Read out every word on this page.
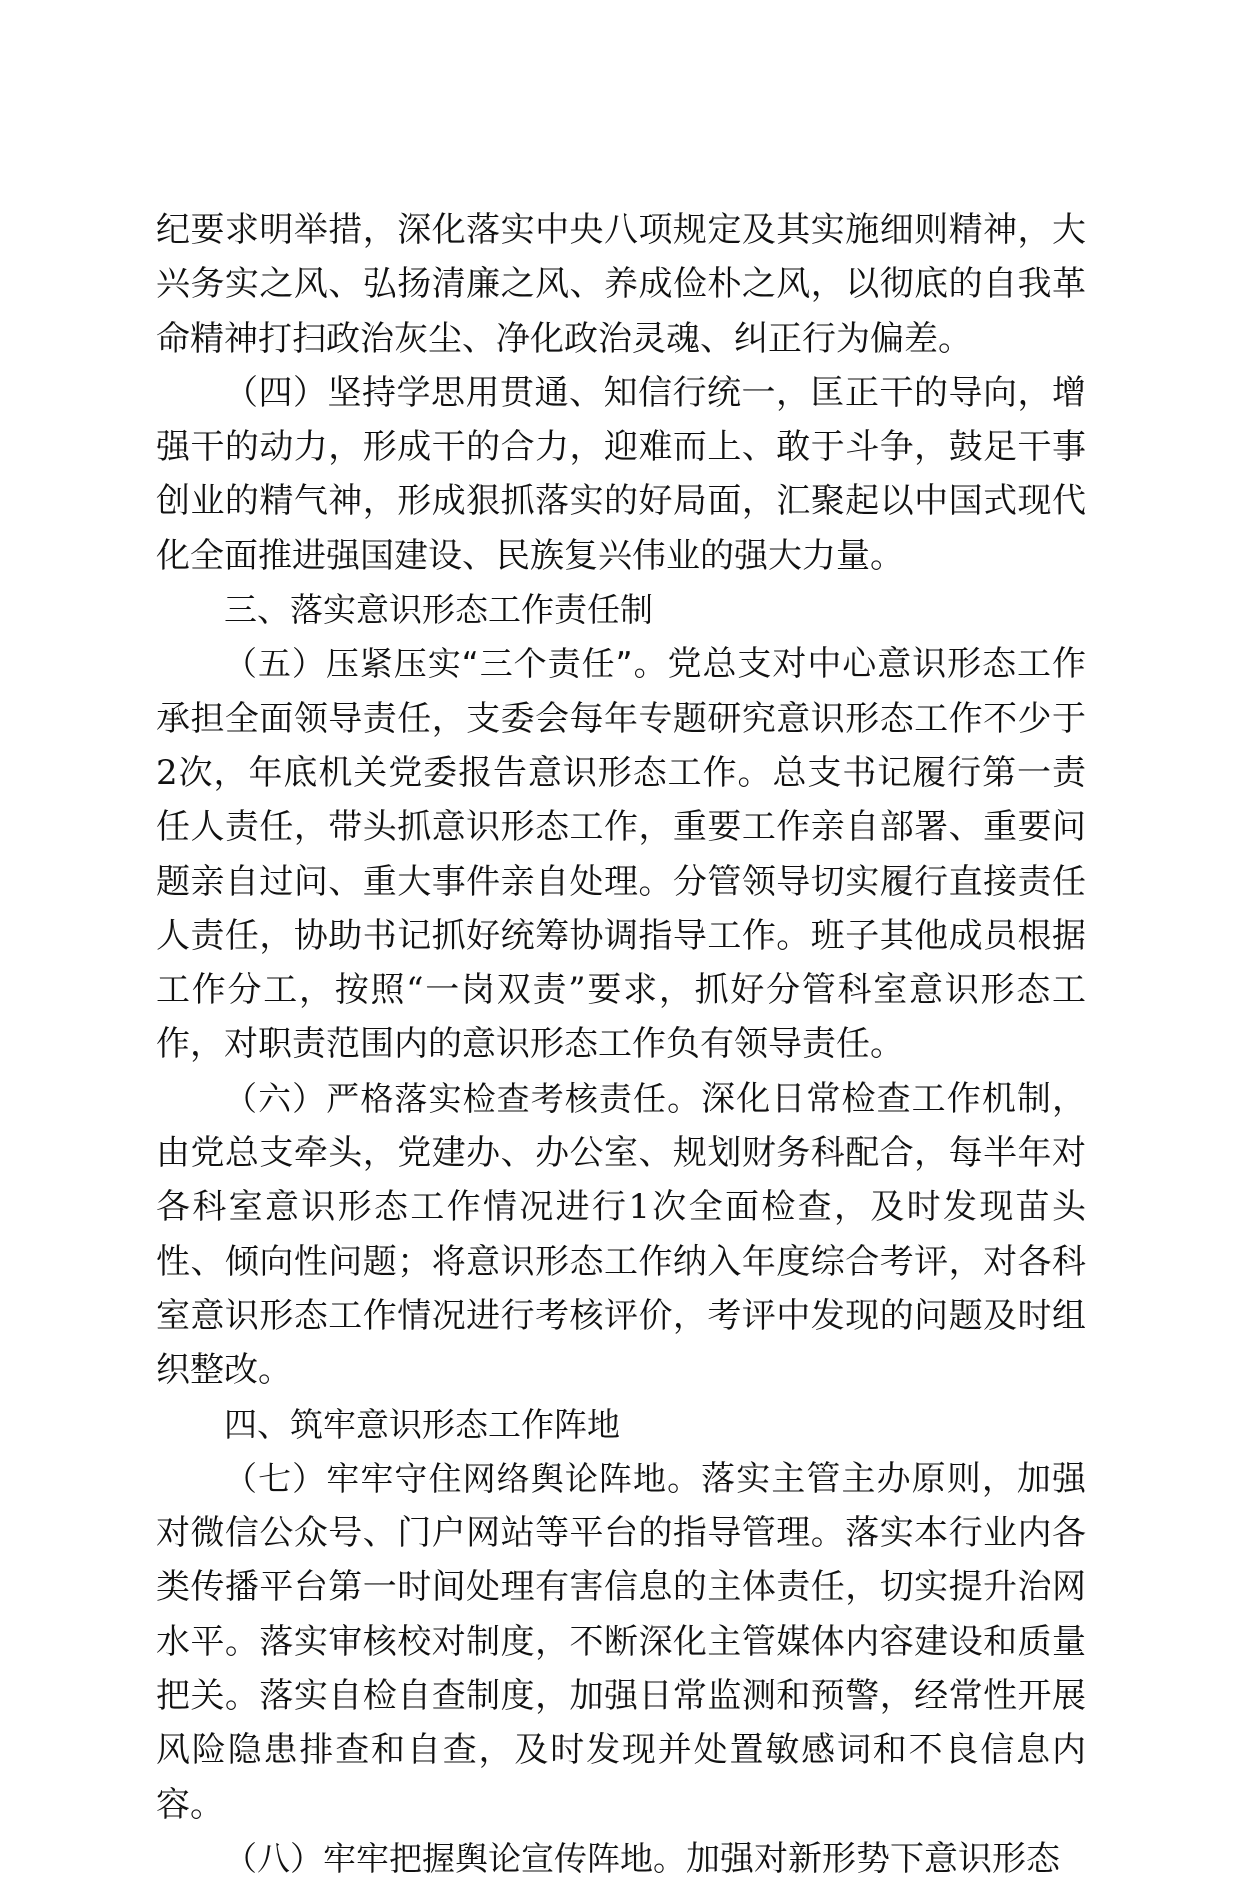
纪要求明举措，深化落实中央八项规定及其实施细则精神，大兴务实之风、弘扬清廉之风、养成俭朴之风，以彻底的自我革命精神打扫政治灰尘、净化政治灵魂、纠正行为偏差。

（四）坚持学思用贯通、知信行统一，匡正干的导向，增强干的动力，形成干的合力，迎难而上、敢于斗争，鼓足干事创业的精气神，形成狠抓落实的好局面，汇聚起以中国式现代化全面推进强国建设、民族复兴伟业的强大力量。

三、落实意识形态工作责任制

（五）压紧压实“三个责任”。党总支对中心意识形态工作承担全面领导责任，支委会每年专题研究意识形态工作不少于2次，年底机关党委报告意识形态工作。总支书记履行第一责任人责任，带头抓意识形态工作，重要工作亲自部署、重要问题亲自过问、重大事件亲自处理。分管领导切实履行直接责任人责任，协助书记抓好统筹协调指导工作。班子其他成员根据工作分工，按照“一岗双责”要求，抓好分管科室意识形态工作，对职责范围内的意识形态工作负有领导责任。

（六）严格落实检查考核责任。深化日常检查工作机制，由党总支牵头，党建办、办公室、规划财务科配合，每半年对各科室意识形态工作情况进行1次全面检查，及时发现苗头性、倾向性问题；将意识形态工作纳入年度综合考评，对各科室意识形态工作情况进行考核评价，考评中发现的问题及时组织整改。

四、筑牢意识形态工作阵地

（七）牢牢守住网络舆论阵地。落实主管主办原则，加强对微信公众号、门户网站等平台的指导管理。落实本行业内各类传播平台第一时间处理有害信息的主体责任，切实提升治网水平。落实审核校对制度，不断深化主管媒体内容建设和质量把关。落实自检自查制度，加强日常监测和预警，经常性开展风险隐患排查和自查，及时发现并处置敏感词和不良信息内容。

（八）牢牢把握舆论宣传阵地。加强对新形势下意识形态
